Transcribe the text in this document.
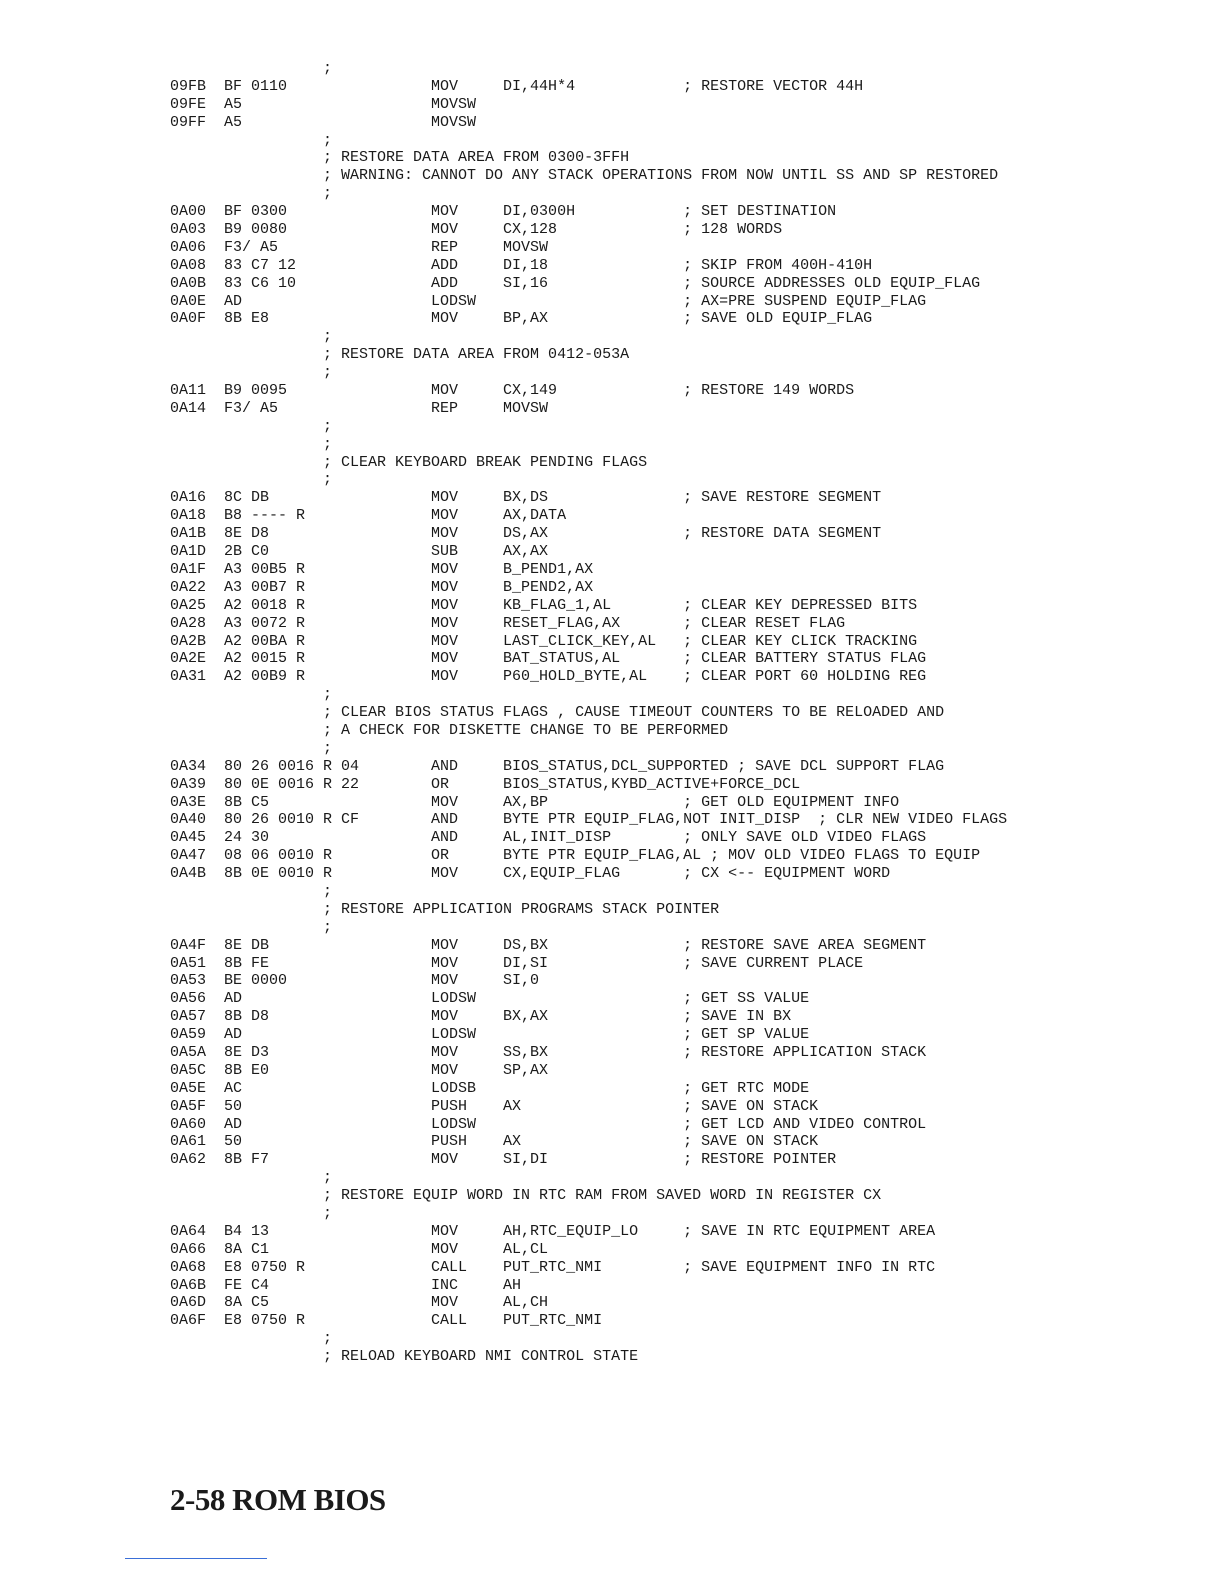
;
09FB  BF 0110                MOV     DI,44H*4            ; RESTORE VECTOR 44H
09FE  A5                     MOVSW
09FF  A5                     MOVSW
;
; RESTORE DATA AREA FROM 0300-3FFH
; WARNING: CANNOT DO ANY STACK OPERATIONS FROM NOW UNTIL SS AND SP RESTORED
;
0A00  BF 0300                MOV     DI,0300H            ; SET DESTINATION
0A03  B9 0080                MOV     CX,128              ; 128 WORDS
0A06  F3/ A5                 REP     MOVSW
0A08  83 C7 12               ADD     DI,18               ; SKIP FROM 400H-410H
0A0B  83 C6 10               ADD     SI,16               ; SOURCE ADDRESSES OLD EQUIP_FLAG
0A0E  AD                     LODSW                       ; AX=PRE SUSPEND EQUIP_FLAG
0A0F  8B E8                  MOV     BP,AX               ; SAVE OLD EQUIP_FLAG
;
; RESTORE DATA AREA FROM 0412-053A
;
0A11  B9 0095                MOV     CX,149              ; RESTORE 149 WORDS
0A14  F3/ A5                 REP     MOVSW
;
;
; CLEAR KEYBOARD BREAK PENDING FLAGS
;
0A16  8C DB                  MOV     BX,DS               ; SAVE RESTORE SEGMENT
0A18  B8 ---- R              MOV     AX,DATA
0A1B  8E D8                  MOV     DS,AX               ; RESTORE DATA SEGMENT
0A1D  2B C0                  SUB     AX,AX
0A1F  A3 00B5 R              MOV     B_PEND1,AX
0A22  A3 00B7 R              MOV     B_PEND2,AX
0A25  A2 0018 R              MOV     KB_FLAG_1,AL        ; CLEAR KEY DEPRESSED BITS
0A28  A3 0072 R              MOV     RESET_FLAG,AX       ; CLEAR RESET FLAG
0A2B  A2 00BA R              MOV     LAST_CLICK_KEY,AL   ; CLEAR KEY CLICK TRACKING
0A2E  A2 0015 R              MOV     BAT_STATUS,AL       ; CLEAR BATTERY STATUS FLAG
0A31  A2 00B9 R              MOV     P60_HOLD_BYTE,AL    ; CLEAR PORT 60 HOLDING REG
;
; CLEAR BIOS STATUS FLAGS , CAUSE TIMEOUT COUNTERS TO BE RELOADED AND
; A CHECK FOR DISKETTE CHANGE TO BE PERFORMED
;
0A34  80 26 0016 R 04        AND     BIOS_STATUS,DCL_SUPPORTED ; SAVE DCL SUPPORT FLAG
0A39  80 0E 0016 R 22        OR      BIOS_STATUS,KYBD_ACTIVE+FORCE_DCL
0A3E  8B C5                  MOV     AX,BP               ; GET OLD EQUIPMENT INFO
0A40  80 26 0010 R CF        AND     BYTE PTR EQUIP_FLAG,NOT INIT_DISP  ; CLR NEW VIDEO FLAGS
0A45  24 30                  AND     AL,INIT_DISP        ; ONLY SAVE OLD VIDEO FLAGS
0A47  08 06 0010 R           OR      BYTE PTR EQUIP_FLAG,AL ; MOV OLD VIDEO FLAGS TO EQUIP
0A4B  8B 0E 0010 R           MOV     CX,EQUIP_FLAG       ; CX <-- EQUIPMENT WORD
;
; RESTORE APPLICATION PROGRAMS STACK POINTER
;
0A4F  8E DB                  MOV     DS,BX               ; RESTORE SAVE AREA SEGMENT
0A51  8B FE                  MOV     DI,SI               ; SAVE CURRENT PLACE
0A53  BE 0000                MOV     SI,0
0A56  AD                     LODSW                       ; GET SS VALUE
0A57  8B D8                  MOV     BX,AX               ; SAVE IN BX
0A59  AD                     LODSW                       ; GET SP VALUE
0A5A  8E D3                  MOV     SS,BX               ; RESTORE APPLICATION STACK
0A5C  8B E0                  MOV     SP,AX
0A5E  AC                     LODSB                       ; GET RTC MODE
0A5F  50                     PUSH    AX                  ; SAVE ON STACK
0A60  AD                     LODSW                       ; GET LCD AND VIDEO CONTROL
0A61  50                     PUSH    AX                  ; SAVE ON STACK
0A62  8B F7                  MOV     SI,DI               ; RESTORE POINTER
;
; RESTORE EQUIP WORD IN RTC RAM FROM SAVED WORD IN REGISTER CX
;
0A64  B4 13                  MOV     AH,RTC_EQUIP_LO     ; SAVE IN RTC EQUIPMENT AREA
0A66  8A C1                  MOV     AL,CL
0A68  E8 0750 R              CALL    PUT_RTC_NMI         ; SAVE EQUIPMENT INFO IN RTC
0A6B  FE C4                  INC     AH
0A6D  8A C5                  MOV     AL,CH
0A6F  E8 0750 R              CALL    PUT_RTC_NMI
;
; RELOAD KEYBOARD NMI CONTROL STATE
2-58 ROM BIOS
